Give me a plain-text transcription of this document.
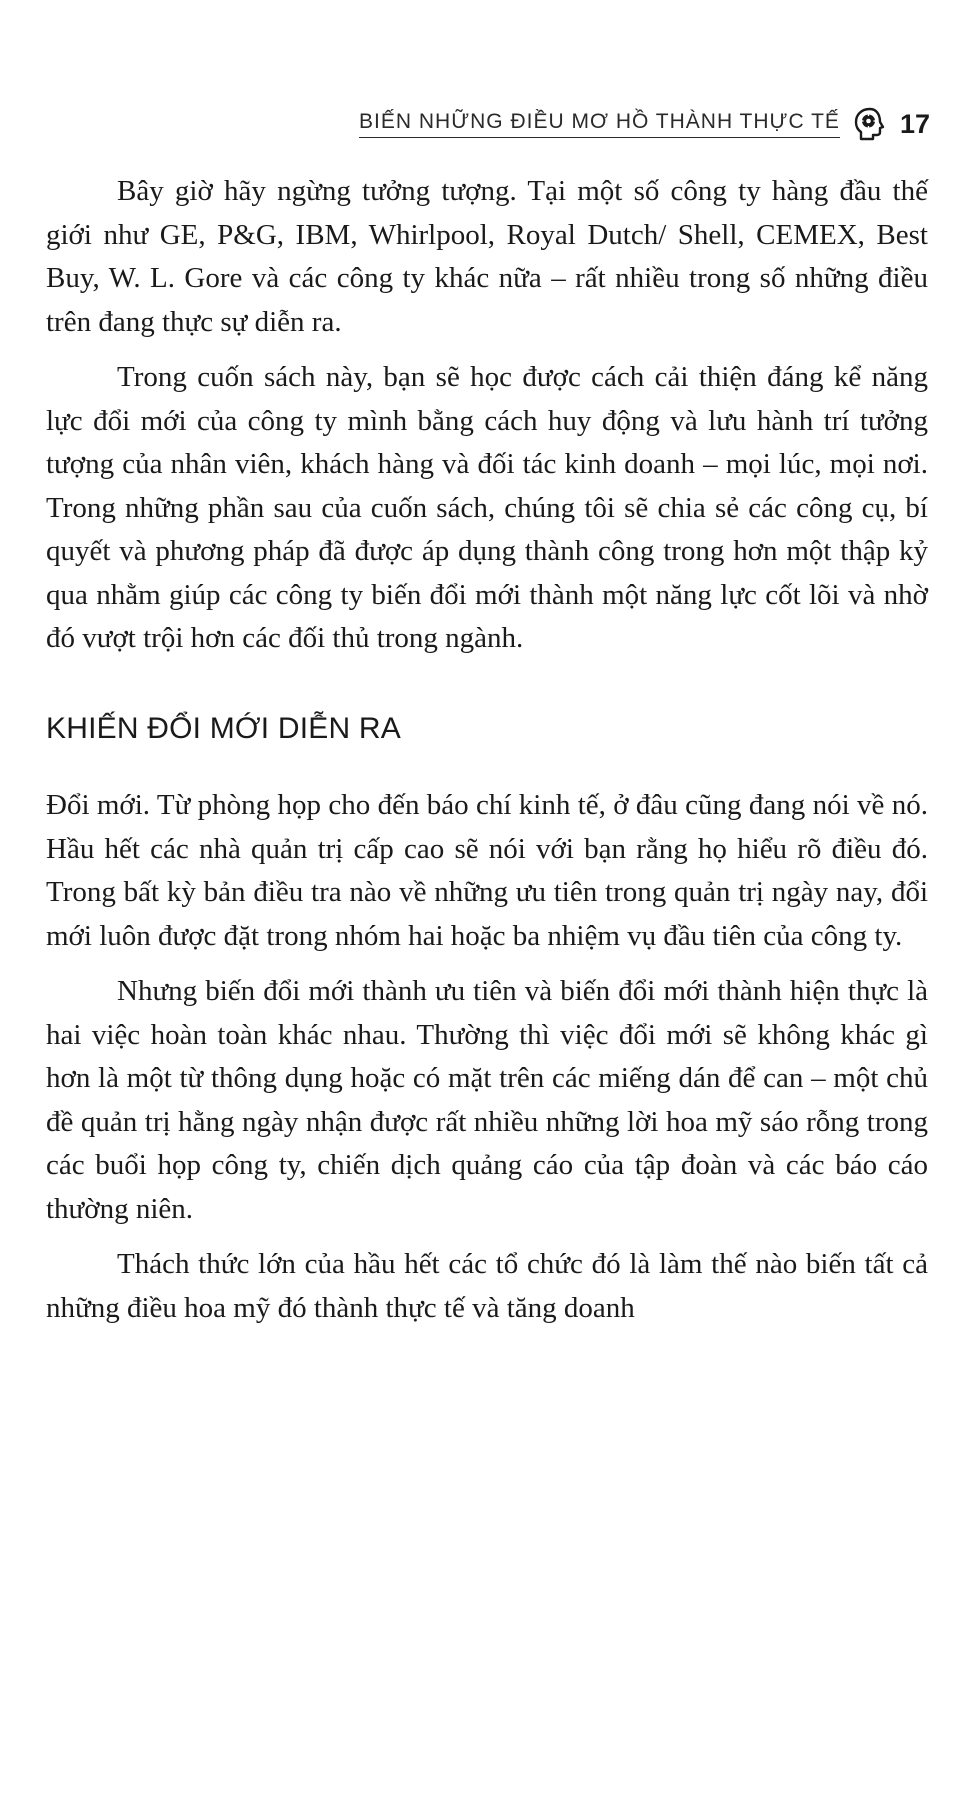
BIẾN NHỮNG ĐIỀU MƠ HỒ THÀNH THỰC TẾ 17

Bây giờ hãy ngừng tưởng tượng. Tại một số công ty hàng đầu thế giới như GE, P&G, IBM, Whirlpool, Royal Dutch/ Shell, CEMEX, Best Buy, W. L. Gore và các công ty khác nữa – rất nhiều trong số những điều trên đang thực sự diễn ra.

Trong cuốn sách này, bạn sẽ học được cách cải thiện đáng kể năng lực đổi mới của công ty mình bằng cách huy động và lưu hành trí tưởng tượng của nhân viên, khách hàng và đối tác kinh doanh – mọi lúc, mọi nơi. Trong những phần sau của cuốn sách, chúng tôi sẽ chia sẻ các công cụ, bí quyết và phương pháp đã được áp dụng thành công trong hơn một thập kỷ qua nhằm giúp các công ty biến đổi mới thành một năng lực cốt lõi và nhờ đó vượt trội hơn các đối thủ trong ngành.

KHIẾN ĐỔI MỚI DIỄN RA

Đổi mới. Từ phòng họp cho đến báo chí kinh tế, ở đâu cũng đang nói về nó. Hầu hết các nhà quản trị cấp cao sẽ nói với bạn rằng họ hiểu rõ điều đó. Trong bất kỳ bản điều tra nào về những ưu tiên trong quản trị ngày nay, đổi mới luôn được đặt trong nhóm hai hoặc ba nhiệm vụ đầu tiên của công ty.

Nhưng biến đổi mới thành ưu tiên và biến đổi mới thành hiện thực là hai việc hoàn toàn khác nhau. Thường thì việc đổi mới sẽ không khác gì hơn là một từ thông dụng hoặc có mặt trên các miếng dán để can – một chủ đề quản trị hằng ngày nhận được rất nhiều những lời hoa mỹ sáo rỗng trong các buổi họp công ty, chiến dịch quảng cáo của tập đoàn và các báo cáo thường niên.

Thách thức lớn của hầu hết các tổ chức đó là làm thế nào biến tất cả những điều hoa mỹ đó thành thực tế và tăng doanh
